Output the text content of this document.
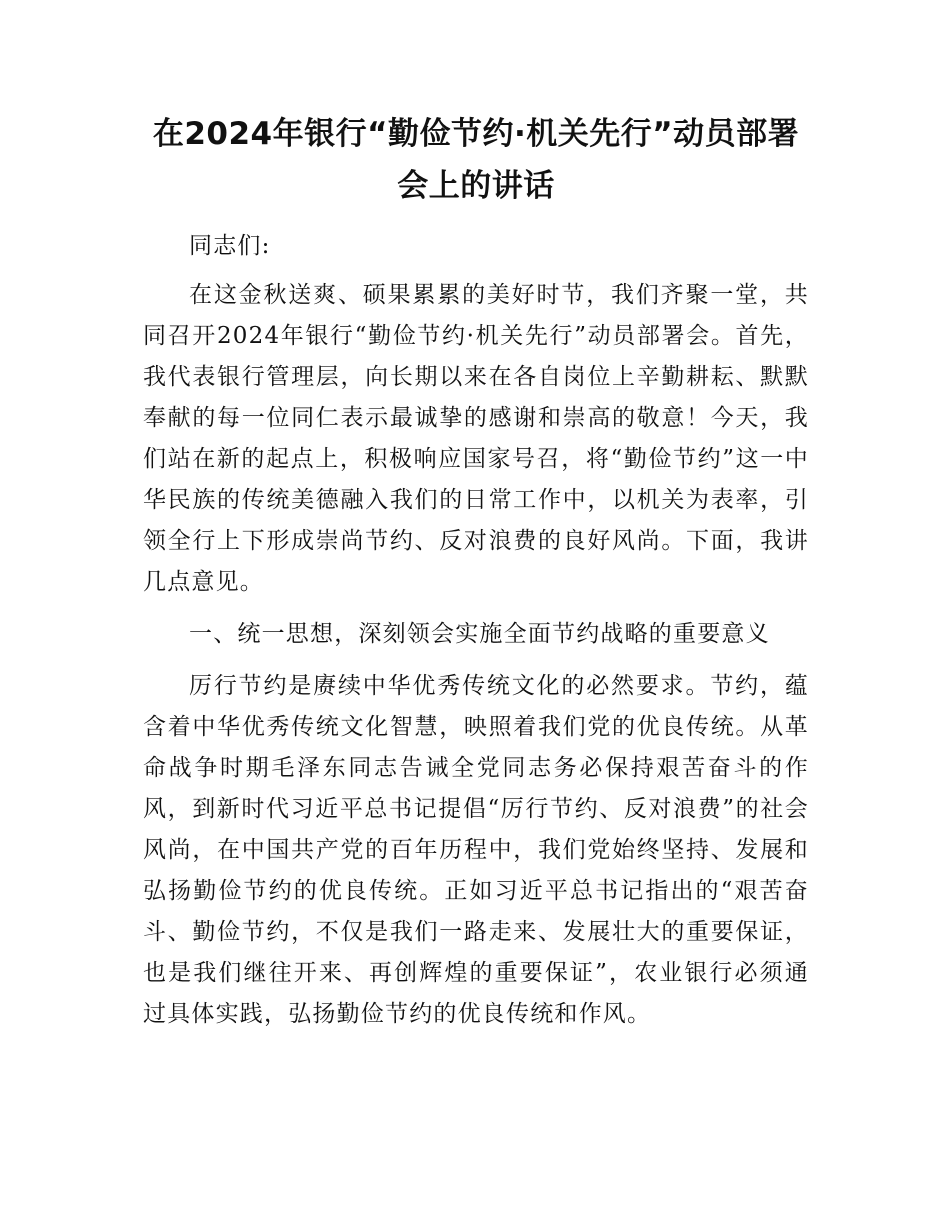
在2024年银行“勤俭节约·机关先行”动员部署会上的讲话

同志们:

在这金秋送爽、硕果累累的美好时节，我们齐聚一堂，共同召开2024年银行“勤俭节约·机关先行”动员部署会。首先，我代表银行管理层，向长期以来在各自岗位上辛勤耕耘、默默奉献的每一位同仁表示最诚挚的感谢和崇高的敬意！今天，我们站在新的起点上，积极响应国家号召，将“勤俭节约”这一中华民族的传统美德融入我们的日常工作中，以机关为表率，引领全行上下形成崇尚节约、反对浪费的良好风尚。下面，我讲几点意见。

一、统一思想，深刻领会实施全面节约战略的重要意义

厉行节约是赓续中华优秀传统文化的必然要求。节约，蕴含着中华优秀传统文化智慧，映照着我们党的优良传统。从革命战争时期毛泽东同志告诫全党同志务必保持艰苦奋斗的作风，到新时代习近平总书记提倡“厉行节约、反对浪费”的社会风尚，在中国共产党的百年历程中，我们党始终坚持、发展和弘扬勤俭节约的优良传统。正如习近平总书记指出的“艰苦奋斗、勤俭节约，不仅是我们一路走来、发展壮大的重要保证，也是我们继往开来、再创辉煌的重要保证”，农业银行必须通过具体实践，弘扬勤俭节约的优良传统和作风。
